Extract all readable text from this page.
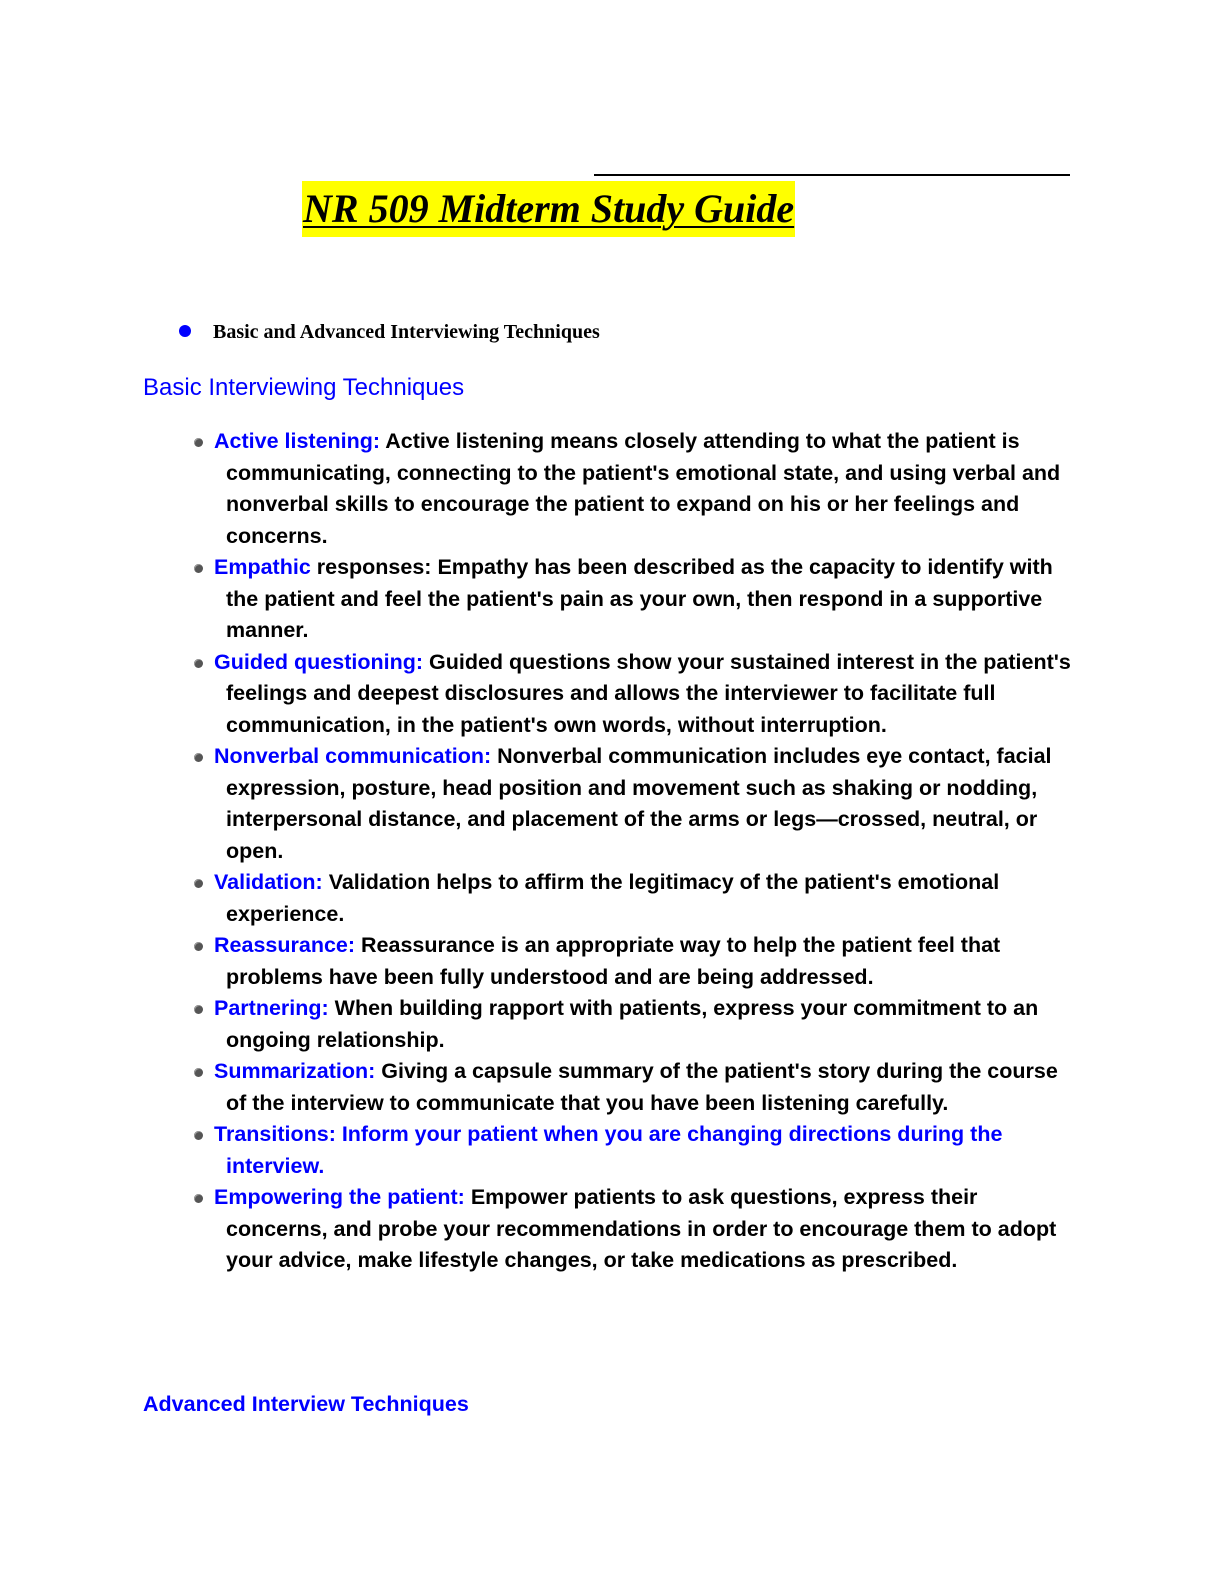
NR 509 Midterm Study Guide
Basic and Advanced Interviewing Techniques
Basic Interviewing Techniques
Active listening: Active listening means closely attending to what the patient is communicating, connecting to the patient's emotional state, and using verbal and nonverbal skills to encourage the patient to expand on his or her feelings and concerns.
Empathic responses: Empathy has been described as the capacity to identify with the patient and feel the patient's pain as your own, then respond in a supportive manner.
Guided questioning: Guided questions show your sustained interest in the patient's feelings and deepest disclosures and allows the interviewer to facilitate full communication, in the patient's own words, without interruption.
Nonverbal communication: Nonverbal communication includes eye contact, facial expression, posture, head position and movement such as shaking or nodding, interpersonal distance, and placement of the arms or legs—crossed, neutral, or open.
Validation: Validation helps to affirm the legitimacy of the patient's emotional experience.
Reassurance: Reassurance is an appropriate way to help the patient feel that problems have been fully understood and are being addressed.
Partnering: When building rapport with patients, express your commitment to an ongoing relationship.
Summarization: Giving a capsule summary of the patient's story during the course of the interview to communicate that you have been listening carefully.
Transitions: Inform your patient when you are changing directions during the interview.
Empowering the patient: Empower patients to ask questions, express their concerns, and probe your recommendations in order to encourage them to adopt your advice, make lifestyle changes, or take medications as prescribed.
Advanced Interview Techniques
